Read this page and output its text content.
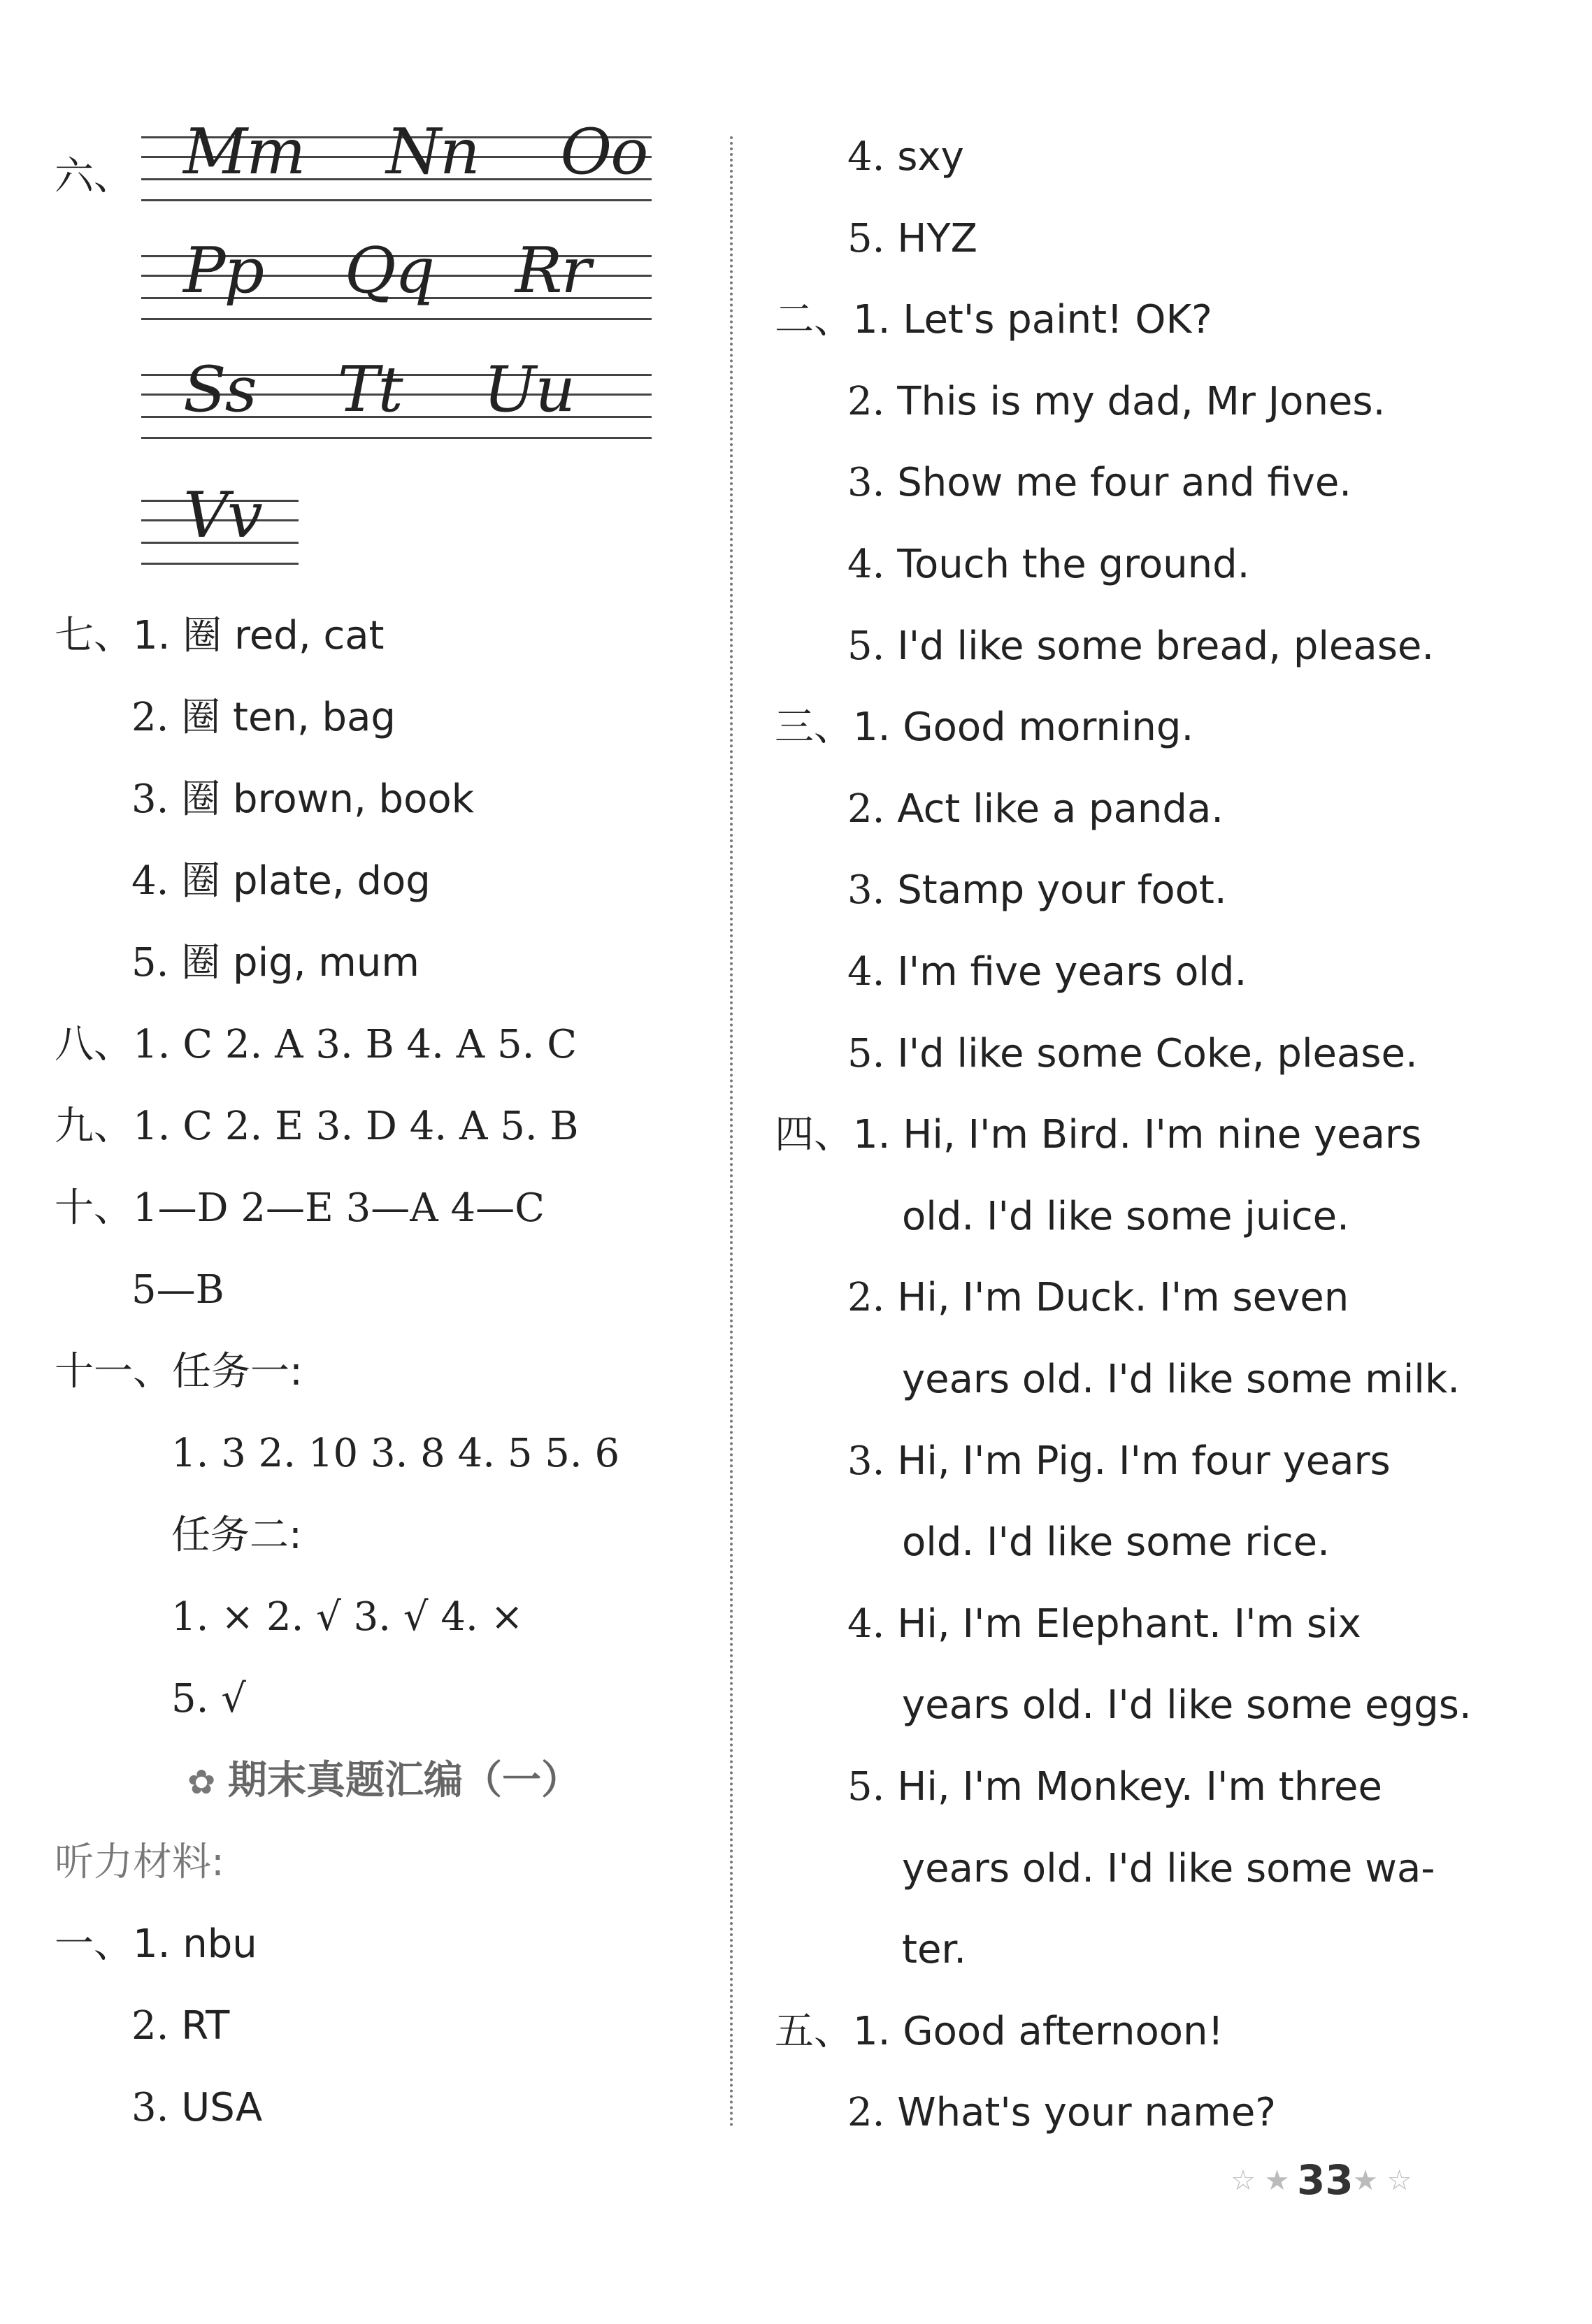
六、 Mm Nn Oo
Pp Qq Rr
Ss Tt Uu
Vv
七、1. 圈 red, cat
2. 圈 ten, bag
3. 圈 brown, book
4. 圈 plate, dog
5. 圈 pig, mum
八、1. C 2. A 3. B 4. A 5. C
九、1. C 2. E 3. D 4. A 5. B
十、1—D 2—E 3—A 4—C
5—B
十一、任务一:
1. 3 2. 10 3. 8 4. 5 5. 6
任务二:
1. × 2. √ 3. √ 4. ×
5. √
✿ 期末真题汇编（一）
听力材料:
一、1. nbu
2. RT
3. USA
4. sxy
5. HYZ
二、1. Let's paint! OK?
2. This is my dad, Mr Jones.
3. Show me four and five.
4. Touch the ground.
5. I'd like some bread, please.
三、1. Good morning.
2. Act like a panda.
3. Stamp your foot.
4. I'm five years old.
5. I'd like some Coke, please.
四、1. Hi, I'm Bird. I'm nine years
old. I'd like some juice.
2. Hi, I'm Duck. I'm seven
years old. I'd like some milk.
3. Hi, I'm Pig. I'm four years
old. I'd like some rice.
4. Hi, I'm Elephant. I'm six
years old. I'd like some eggs.
5. Hi, I'm Monkey. I'm three
years old. I'd like some wa-
ter.
五、1. Good afternoon!
2. What's your name?
☆ ★ 33 ★ ☆
